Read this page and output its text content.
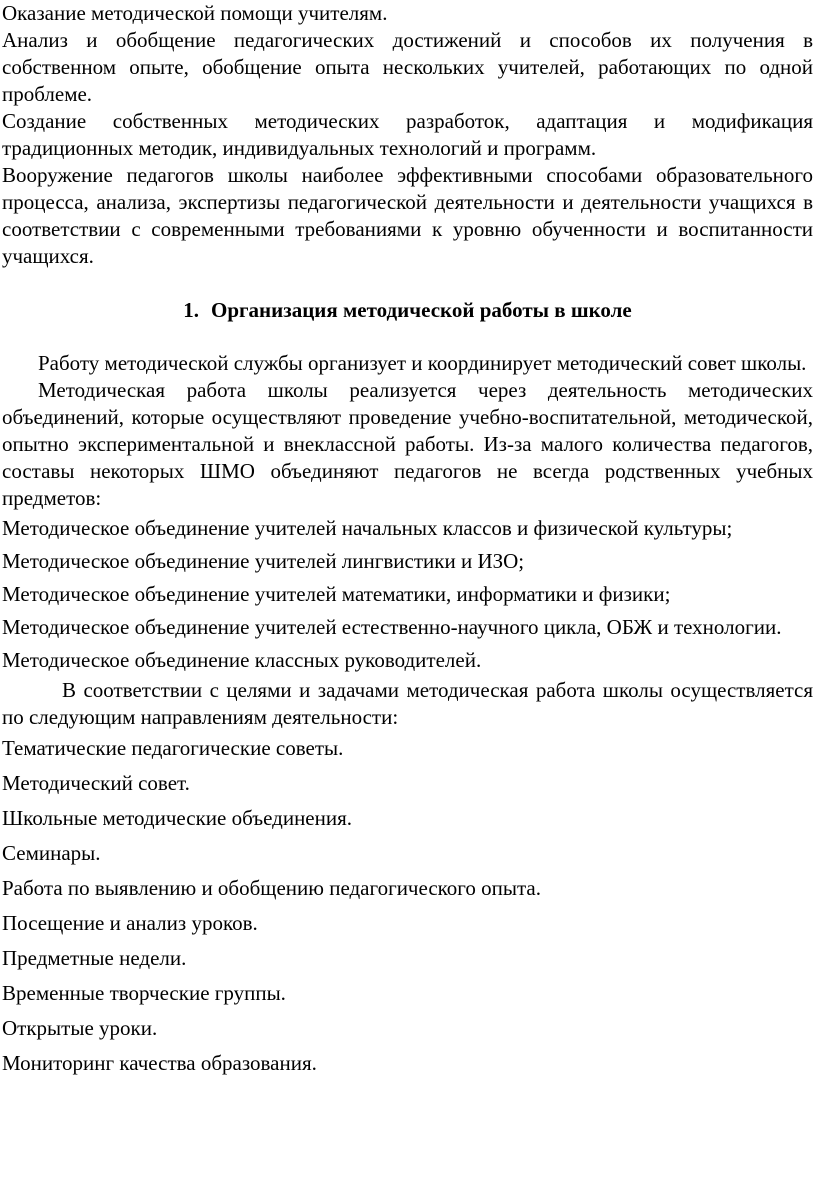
Оказание методической помощи учителям.

Анализ и обобщение педагогических достижений и способов их получения в собственном опыте, обобщение опыта нескольких учителей, работающих по одной проблеме.

Создание собственных методических разработок, адаптация и модификация традиционных методик, индивидуальных технологий и программ.

Вооружение педагогов школы наиболее эффективными способами образовательного процесса, анализа, экспертизы педагогической деятельности и деятельности учащихся в соответствии с современными требованиями к уровню обученности и воспитанности учащихся.

1. Организация методической работы в школе

Работу методической службы организует и координирует методический совет школы.

Методическая работа школы реализуется через деятельность методических объединений, которые осуществляют проведение учебно-воспитательной, методической, опытно экспериментальной и внеклассной работы. Из-за малого количества педагогов, составы некоторых ШМО объединяют педагогов не всегда родственных учебных предметов:

Методическое объединение учителей начальных классов и физической культуры;

Методическое объединение учителей лингвистики и ИЗО;

Методическое объединение учителей математики, информатики и физики;

Методическое объединение учителей естественно-научного цикла, ОБЖ и технологии.

Методическое объединение классных руководителей.

В соответствии с целями и задачами методическая работа школы осуществляется по следующим направлениям деятельности:

Тематические педагогические советы.

Методический совет.

Школьные методические объединения.

Семинары.

Работа по выявлению и обобщению педагогического опыта.

Посещение и анализ уроков.

Предметные недели.

Временные творческие группы.

Открытые уроки.

Мониторинг качества образования.
